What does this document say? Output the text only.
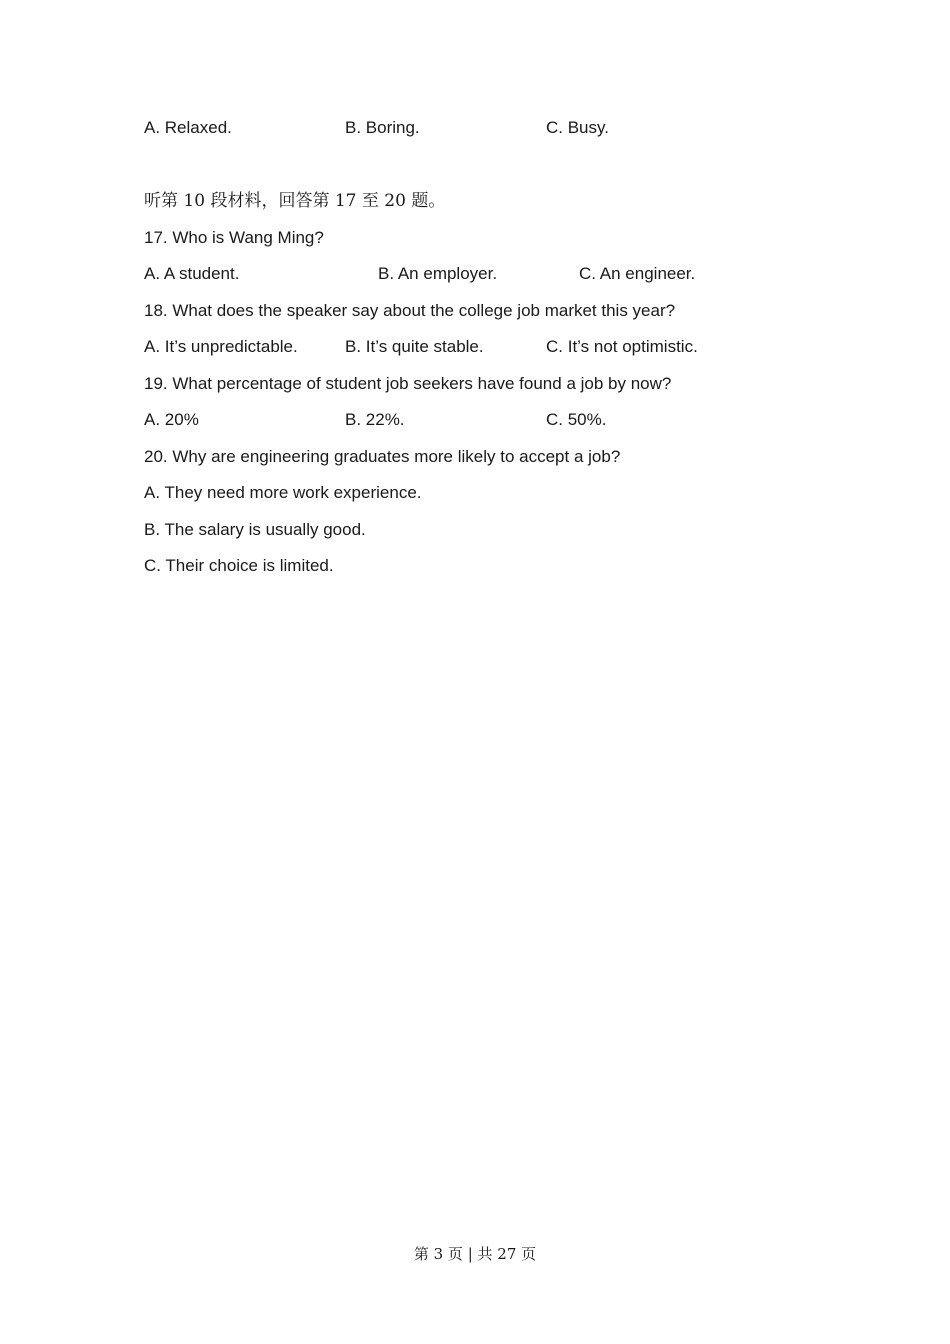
A. Relaxed.	B. Boring.	C. Busy.
听第 10 段材料，回答第 17 至 20 题。
17. Who is Wang Ming?
A. A student.	B. An employer.	C. An engineer.
18. What does the speaker say about the college job market this year?
A. It’s unpredictable.	B. It’s quite stable.	C. It’s not optimistic.
19. What percentage of student job seekers have found a job by now?
A. 20%	B. 22%.	C. 50%.
20. Why are engineering graduates more likely to accept a job?
A. They need more work experience.
B. The salary is usually good.
C. Their choice is limited.
第 3 页 | 共 27 页
